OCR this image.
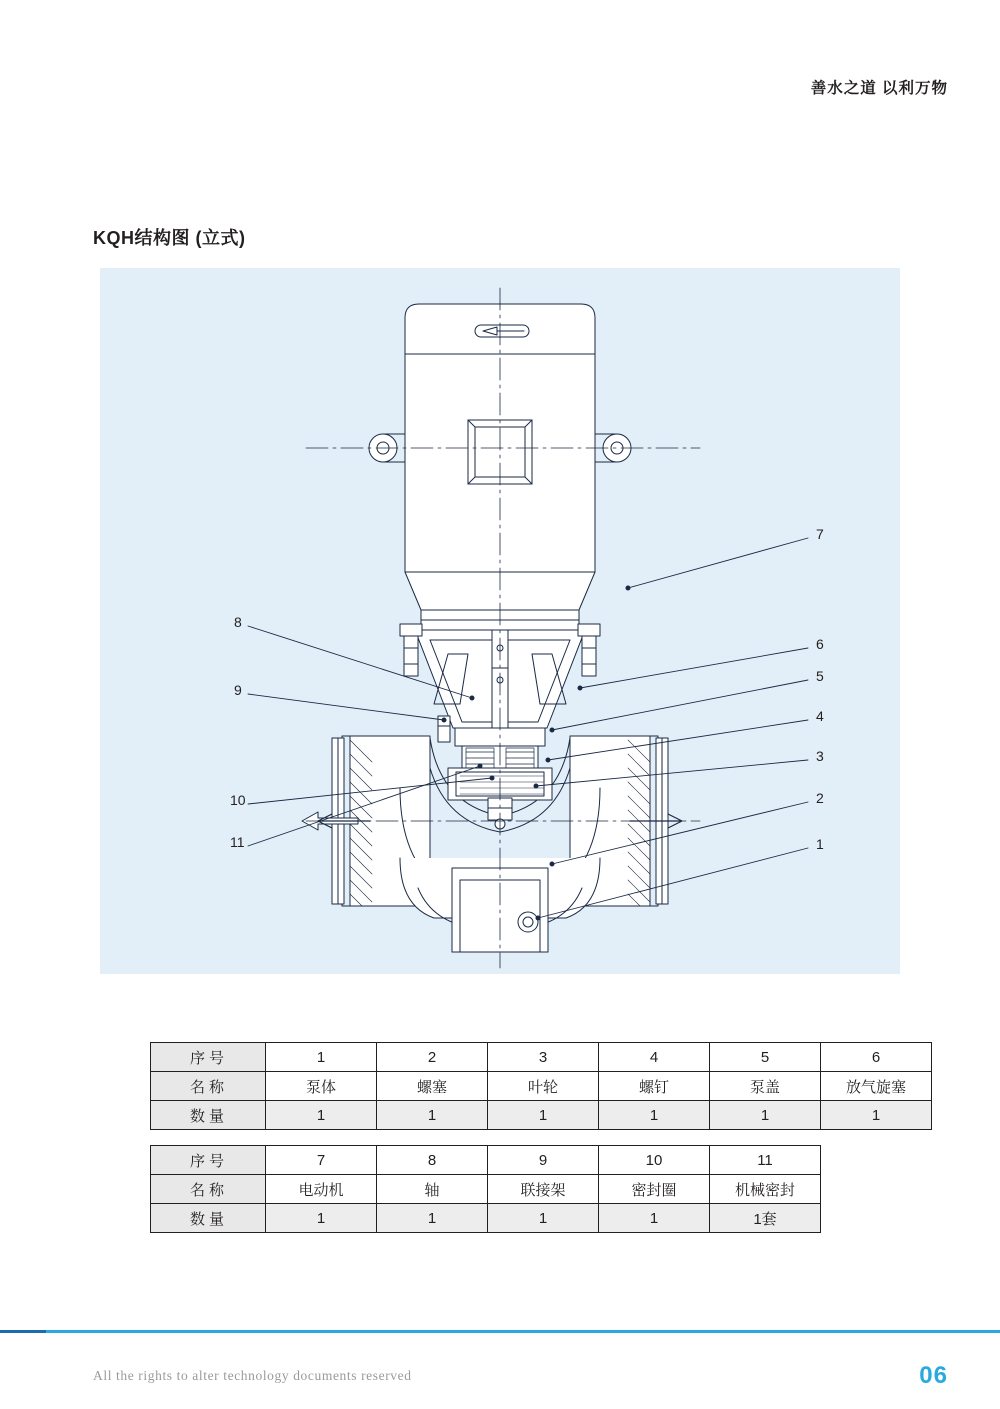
善水之道 以利万物
KQH结构图 (立式)
7
8
6
9
5
4
3
10	2
11	1
序号	1	2	3	4	5	6
名称	泵体	螺塞	叶轮	螺钉	泵盖	放气旋塞
数量	1	1	1	1	1	1
序号	7	8	9	10	11	
名称	电动机	轴	联接架	密封圈	机械密封	
数量	1	1	1	1	1套	
All the rights to alter technology documents reserved	06
